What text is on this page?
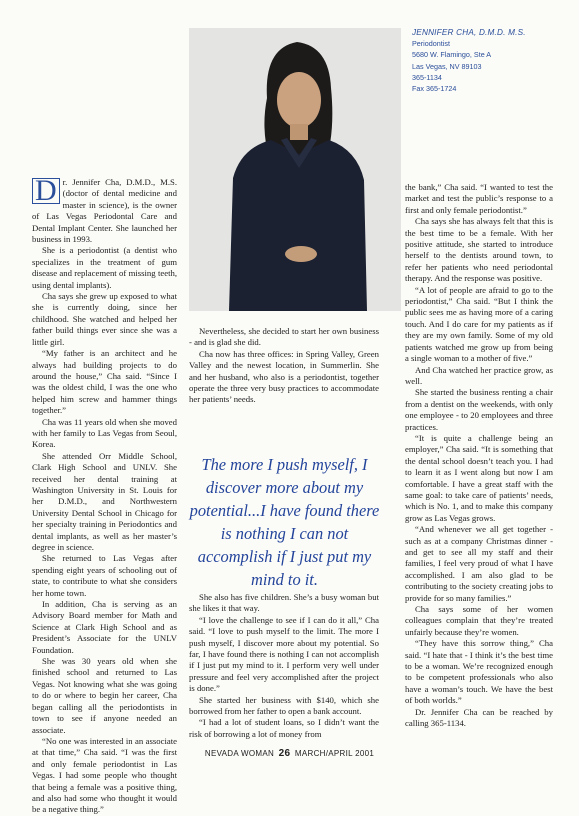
JENNIFER CHA, D.M.D. M.S.
Periodontist
5680 W. Flamingo, Ste A
Las Vegas, NV 89103
365-1134
Fax 365-1724

D r. Jennifer Cha, D.M.D., M.S. (doctor of dental medicine and master in science), is the owner of Las Vegas Periodontal Care and Dental Implant Center. She launched her business in 1993.

She is a periodontist (a dentist who specializes in the treatment of gum disease and replacement of missing teeth, using dental implants).

Cha says she grew up exposed to what she is currently doing, since her childhood. She watched and helped her father build things ever since she was a little girl.

“My father is an architect and he always had building projects to do around the house,” Cha said. “Since I was the oldest child, I was the one who helped him screw and hammer things together.”

Cha was 11 years old when she moved with her family to Las Vegas from Seoul, Korea.

She attended Orr Middle School, Clark High School and UNLV. She received her dental training at Washington University in St. Louis for her D.M.D., and Northwestern University Dental School in Chicago for her specialty training in Periodontics and dental implants, as well as her master’s degree in science.

She returned to Las Vegas after spending eight years of schooling out of state, to contribute to what she considers her home town.

In addition, Cha is serving as an Advisory Board member for Math and Science at Clark High School and as President’s Associate for the UNLV Foundation.

She was 30 years old when she finished school and returned to Las Vegas. Not knowing what she was going to do or where to begin her career, Cha began calling all the periodontists in town to see if anyone needed an associate.

“No one was interested in an associate at that time,” Cha said. “I was the first and only female periodontist in Las Vegas. I had some people who thought that being a female was a positive thing, and also had some who thought it would be a negative thing.”

Nevertheless, she decided to start her own business - and is glad she did.

Cha now has three offices: in Spring Valley, Green Valley and the newest location, in Summerlin. She and her husband, who also is a periodontist, together operate the three very busy practices to accommodate her patients’ needs.

The more I push myself, I discover more about my potential...I have found there is nothing I can not accomplish if I just put my mind to it.

She also has five children. She’s a busy woman but she likes it that way.

“I love the challenge to see if I can do it all,” Cha said. “I love to push myself to the limit. The more I push myself, I discover more about my potential. So far, I have found there is nothing I can not accomplish if I just put my mind to it. I perform very well under pressure and feel very accomplished after the project is done.”

She started her business with $140, which she borrowed from her father to open a bank account.

“I had a lot of student loans, so I didn’t want the risk of borrowing a lot of money from

the bank,” Cha said. “I wanted to test the market and test the public’s response to a first and only female periodontist.”

Cha says she has always felt that this is the best time to be a female. With her positive attitude, she started to introduce herself to the dentists around town, to refer her patients who need periodontal therapy. And the response was positive.

“A lot of people are afraid to go to the periodontist,” Cha said. “But I think the public sees me as having more of a caring touch. And I do care for my patients as if they are my own family. Some of my old patients watched me grow up from being a single woman to a mother of five.”

And Cha watched her practice grow, as well.

She started the business renting a chair from a dentist on the weekends, with only one employee - to 20 employees and three practices.

“It is quite a challenge being an employer,” Cha said. “It is something that the dental school doesn’t teach you. I had to learn it as I went along but now I am comfortable. I have a great staff with the same goal: to take care of patients’ needs, which is No. 1, and to make this company grow as Las Vegas grows.

“And whenever we all get together - such as at a company Christmas dinner - and get to see all my staff and their families, I feel very proud of what I have accomplished. I am also glad to be contributing to the society creating jobs to provide for so many families.”

Cha says some of her women colleagues complain that they’re treated unfairly because they’re women.

“They have this sorrow thing,” Cha said. “I hate that - I think it’s the best time to be a woman. We’re recognized enough to be competent professionals who also have a woman’s touch. We have the best of both worlds.”

Dr. Jennifer Cha can be reached by calling 365-1134.

NEVADA WOMAN 26 MARCH/APRIL 2001
